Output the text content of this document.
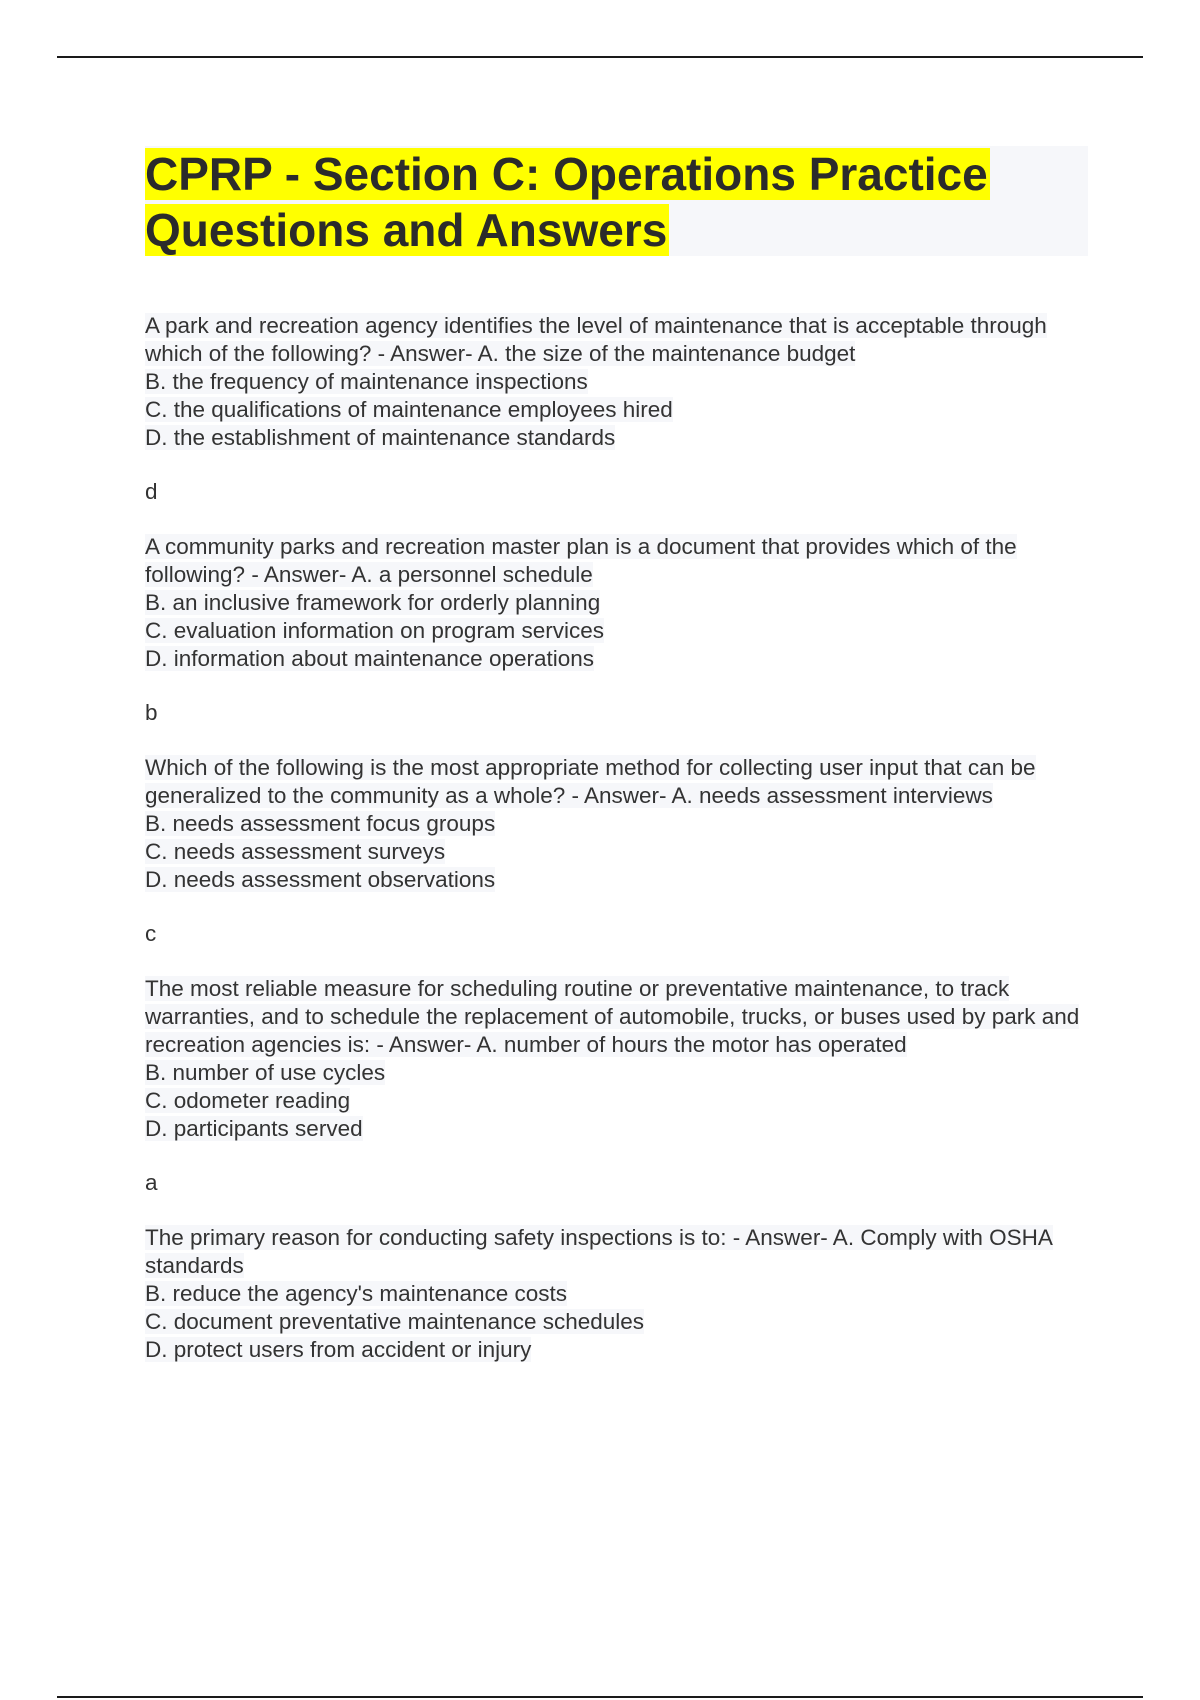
CPRP - Section C: Operations Practice Questions and Answers

A park and recreation agency identifies the level of maintenance that is acceptable through which of the following? - Answer- A. the size of the maintenance budget

B. the frequency of maintenance inspections

C. the qualifications of maintenance employees hired

D. the establishment of maintenance standards

d

A community parks and recreation master plan is a document that provides which of the following? - Answer- A. a personnel schedule

B. an inclusive framework for orderly planning

C. evaluation information on program services

D. information about maintenance operations

b

Which of the following is the most appropriate method for collecting user input that can be generalized to the community as a whole? - Answer- A. needs assessment interviews

B. needs assessment focus groups

C. needs assessment surveys

D. needs assessment observations

c

The most reliable measure for scheduling routine or preventative maintenance, to track warranties, and to schedule the replacement of automobile, trucks, or buses used by park and recreation agencies is: - Answer- A. number of hours the motor has operated

B. number of use cycles

C. odometer reading

D. participants served

a

The primary reason for conducting safety inspections is to: - Answer- A. Comply with OSHA standards

B. reduce the agency's maintenance costs

C. document preventative maintenance schedules

D. protect users from accident or injury
